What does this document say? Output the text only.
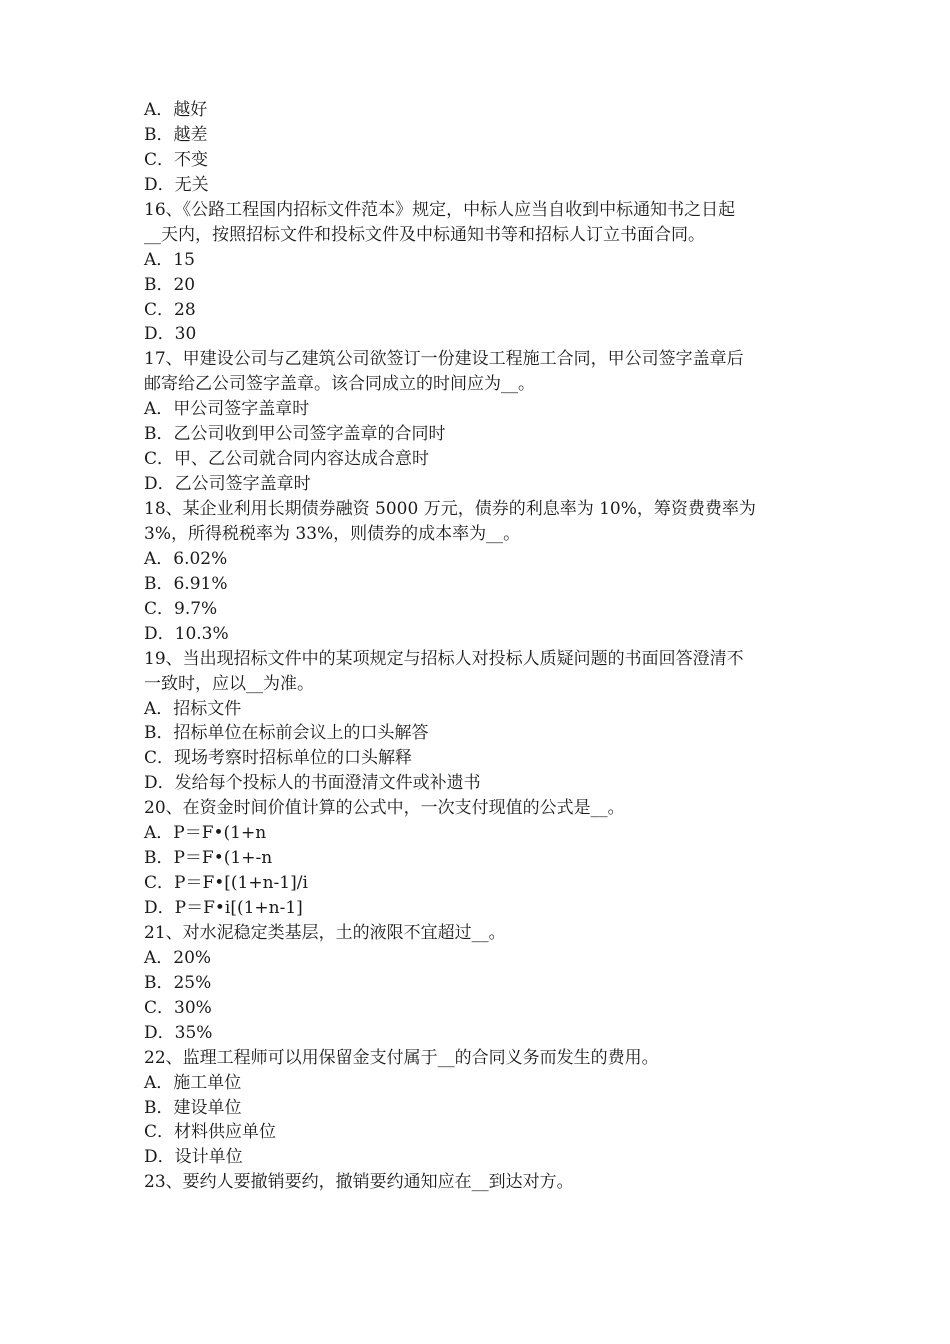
A．越好

B．越差

C．不变

D．无关

16、《公路工程国内招标文件范本》规定，中标人应当自收到中标通知书之日起

__天内，按照招标文件和投标文件及中标通知书等和招标人订立书面合同。

A．15

B．20

C．28

D．30

17、甲建设公司与乙建筑公司欲签订一份建设工程施工合同，甲公司签字盖章后

邮寄给乙公司签字盖章。该合同成立的时间应为__。

A．甲公司签字盖章时

B．乙公司收到甲公司签字盖章的合同时

C．甲、乙公司就合同内容达成合意时

D．乙公司签字盖章时

18、某企业利用长期债券融资 5000 万元，债券的利息率为 10%，筹资费费率为

3%，所得税税率为 33%，则债券的成本率为__。

A．6.02%

B．6.91%

C．9.7%

D．10.3%

19、当出现招标文件中的某项规定与招标人对投标人质疑问题的书面回答澄清不

一致时，应以__为准。

A．招标文件

B．招标单位在标前会议上的口头解答

C．现场考察时招标单位的口头解释

D．发给每个投标人的书面澄清文件或补遗书

20、在资金时间价值计算的公式中，一次支付现值的公式是__。

A．P＝F•(1+n

B．P＝F•(1+-n

C．P＝F•[(1+n-1]/i

D．P＝F•i[(1+n-1]

21、对水泥稳定类基层，土的液限不宜超过__。

A．20%

B．25%

C．30%

D．35%

22、监理工程师可以用保留金支付属于__的合同义务而发生的费用。

A．施工单位

B．建设单位

C．材料供应单位

D．设计单位

23、要约人要撤销要约，撤销要约通知应在__到达对方。
